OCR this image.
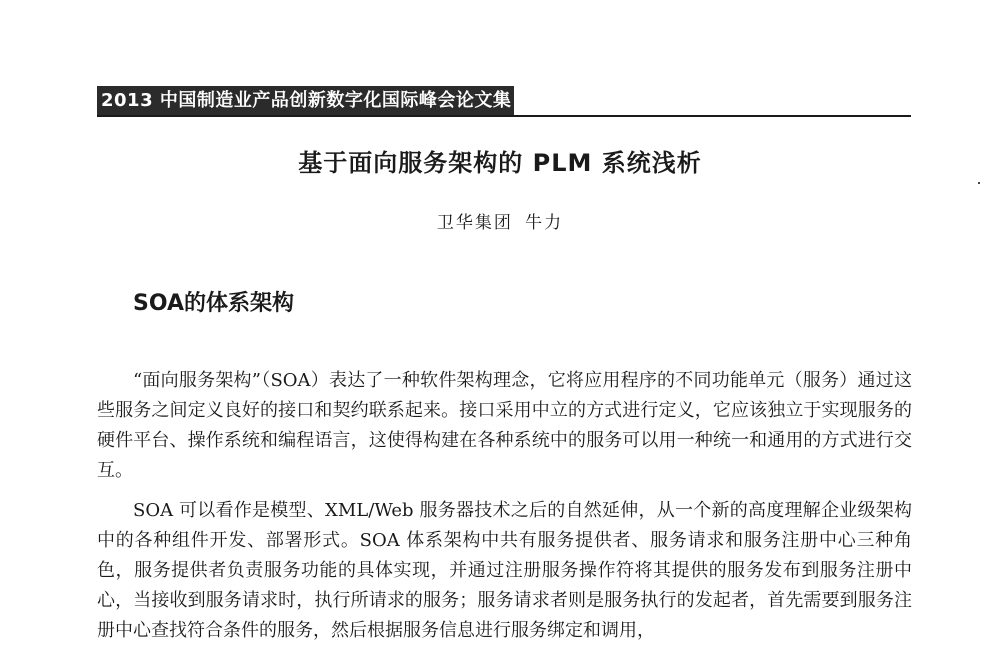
2013 中国制造业产品创新数字化国际峰会论文集
基于面向服务架构的 PLM 系统浅析
卫华集团 牛力
SOA的体系架构

“面向服务架构”（SOA）表达了一种软件架构理念，它将应用程序的不同功能单元（服务）通过这些服务之间定义良好的接口和契约联系起来。接口采用中立的方式进行定义，它应该独立于实现服务的硬件平台、操作系统和编程语言，这使得构建在各种系统中的服务可以用一种统一和通用的方式进行交互。

SOA 可以看作是模型、XML/Web 服务器技术之后的自然延伸，从一个新的高度理解企业级架构中的各种组件开发、部署形式。SOA 体系架构中共有服务提供者、服务请求和服务注册中心三种角色，服务提供者负责服务功能的具体实现，并通过注册服务操作符将其提供的服务发布到服务注册中心，当接收到服务请求时，执行所请求的服务；服务请求者则是服务执行的发起者，首先需要到服务注册中心查找符合条件的服务，然后根据服务信息进行服务绑定和调用，
